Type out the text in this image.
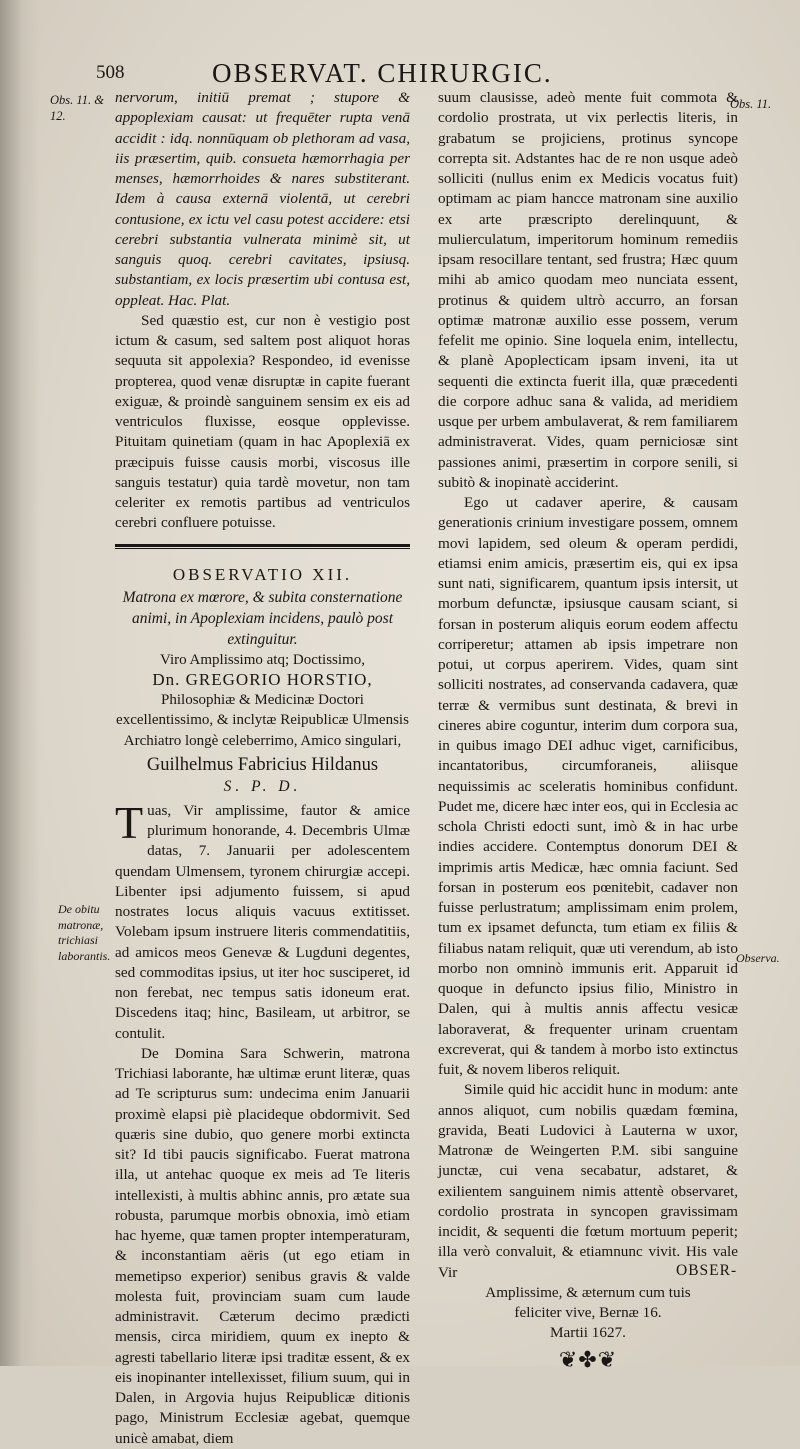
508	OBSERVAT. CHIRURGIC.
Obs. 11. & 12.
Obs. 11.
De obitu matronæ, trichiasi laborantis.	Observa.

nervorum, initiū premat ; stupore & appoplexiam causat: ut frequēter rupta venā accidit : idq. nonnūquam ob plethoram ad vasa, iis præsertim, quib. consueta hæmorrhagia per menses, hæmorrhoides & nares substiterant. Idem à causa externā violentā, ut cerebri contusione, ex ictu vel casu potest accidere: etsi cerebri substantia vulnerata minimè sit, ut sanguis quoq. cerebri cavitates, ipsiusq. substantiam, ex locis præsertim ubi contusa est, oppleat. Hac. Plat.

Sed quæstio est, cur non è vestigio post ictum & casum, sed saltem post aliquot horas sequuta sit appolexia? Respondeo, id evenisse propterea, quod venæ disruptæ in capite fuerant exiguæ, & proindè sanguinem sensim ex eis ad ventriculos fluxisse, eosque opplevisse. Pituitam quinetiam (quam in hac Apoplexiā ex præcipuis fuisse causis morbi, viscosus ille sanguis testatur) quia tardè movetur, non tam celeriter ex remotis partibus ad ventriculos cerebri confluere potuisse.

OBSERVATIO XII.
Matrona ex mœrore, & subita consternatione animi, in Apoplexiam incidens, paulò post extinguitur.
Viro Amplissimo atq; Doctissimo,
Dn. GREGORIO HORSTIO,
Philosophiæ & Medicinæ Doctori excellentissimo, & inclytæ Reipublicæ Ulmensis Archiatro longè celeberrimo, Amico singulari,
Guilhelmus Fabricius Hildanus
S. P. D.

Tuas, Vir amplissime, fautor & amice plurimum honorande, 4. Decembris Ulmæ datas, 7. Januarii per adolescentem quendam Ulmensem, tyronem chirurgiæ accepi. Libenter ipsi adjumento fuissem, si apud nostrates locus aliquis vacuus extitisset. Volebam ipsum instruere literis commendatitiis, ad amicos meos Genevæ & Lugduni degentes, sed commoditas ipsius, ut iter hoc susciperet, id non ferebat, nec tempus satis idoneum erat. Discedens itaq; hinc, Basileam, ut arbitror, se contulit.

De Domina Sara Schwerin, matrona Trichiasi laborante, hæ ultimæ erunt literæ, quas ad Te scripturus sum: undecima enim Januarii proximè elapsi piè placideque obdormivit. Sed quæris sine dubio, quo genere morbi extincta sit? Id tibi paucis significabo. Fuerat matrona illa, ut antehac quoque ex meis ad Te literis intellexisti, à multis abhinc annis, pro ætate sua robusta, parumque morbis obnoxia, imò etiam hac hyeme, quæ tamen propter intemperaturam, & inconstantiam aëris (ut ego etiam in memetipso experior) senibus gravis & valde molesta fuit, provinciam suam cum laude administravit. Cæterum decimo prædicti mensis, circa miridiem, quum ex inepto & agresti tabellario literæ ipsi traditæ essent, & ex eis inopinanter intellexisset, filium suum, qui in Dalen, in Argovia hujus Reipublicæ ditionis pago, Ministrum Ecclesiæ agebat, quemque unicè amabat, diem

suum clausisse, adeò mente fuit commota & cordolio prostrata, ut vix perlectis literis, in grabatum se projiciens, protinus syncope correpta sit. Adstantes hac de re non usque adeò solliciti (nullus enim ex Medicis vocatus fuit) optimam ac piam hancce matronam sine auxilio ex arte præscripto derelinquunt, & mulierculatum, imperitorum hominum remediis ipsam resocillare tentant, sed frustra; Hæc quum mihi ab amico quodam meo nunciata essent, protinus & quidem ultrò accurro, an forsan optimæ matronæ auxilio esse possem, verum fefelit me opinio. Sine loquela enim, intellectu, & planè Apoplecticam ipsam inveni, ita ut sequenti die extincta fuerit illa, quæ præcedenti die corpore adhuc sana & valida, ad meridiem usque per urbem ambulaverat, & rem familiarem administraverat. Vides, quam perniciosæ sint passiones animi, præsertim in corpore senili, si subitò & inopinatè acciderint.

Ego ut cadaver aperire, & causam generationis crinium investigare possem, omnem movi lapidem, sed oleum & operam perdidi, etiamsi enim amicis, præsertim eis, qui ex ipsa sunt nati, significarem, quantum ipsis intersit, ut morbum defunctæ, ipsiusque causam sciant, si forsan in posterum aliquis eorum eodem affectu corriperetur; attamen ab ipsis impetrare non potui, ut corpus aperirem. Vides, quam sint solliciti nostrates, ad conservanda cadavera, quæ terræ & vermibus sunt destinata, & brevi in cineres abire coguntur, interim dum corpora sua, in quibus imago DEI adhuc viget, carnificibus, incantatoribus, circumforaneis, aliisque nequissimis ac sceleratis hominibus confidunt. Pudet me, dicere hæc inter eos, qui in Ecclesia ac schola Christi edocti sunt, imò & in hac urbe indies accidere. Contemptus donorum DEI & imprimis artis Medicæ, hæc omnia faciunt. Sed forsan in posterum eos pœnitebit, cadaver non fuisse perlustratum; amplissimam enim prolem, tum ex ipsamet defuncta, tum etiam ex filiis & filiabus natam reliquit, quæ uti verendum, ab isto morbo non omninò immunis erit. Apparuit id quoque in defuncto ipsius filio, Ministro in Dalen, qui à multis annis affectu vesicæ laboraverat, & frequenter urinam cruentam excreverat, qui & tandem à morbo isto extinctus fuit, & novem liberos reliquit.

Simile quid hic accidit hunc in modum: ante annos aliquot, cum nobilis quædam fœmina, gravida, Beati Ludovici à Lauterna w uxor, Matronæ de Weingerten P.M. sibi sanguine junctæ, cui vena secabatur, adstaret, & exilientem sanguinem nimis attentè observaret, cordolio prostrata in syncopen gravissimam incidit, & sequenti die fœtum mortuum peperit; illa verò convaluit, & etiamnunc vivit. His vale Vir

Amplissime, & æternum cum tuis feliciter vive, Bernæ 16.
Martii 1627.
❦✤❦
OBSER-
